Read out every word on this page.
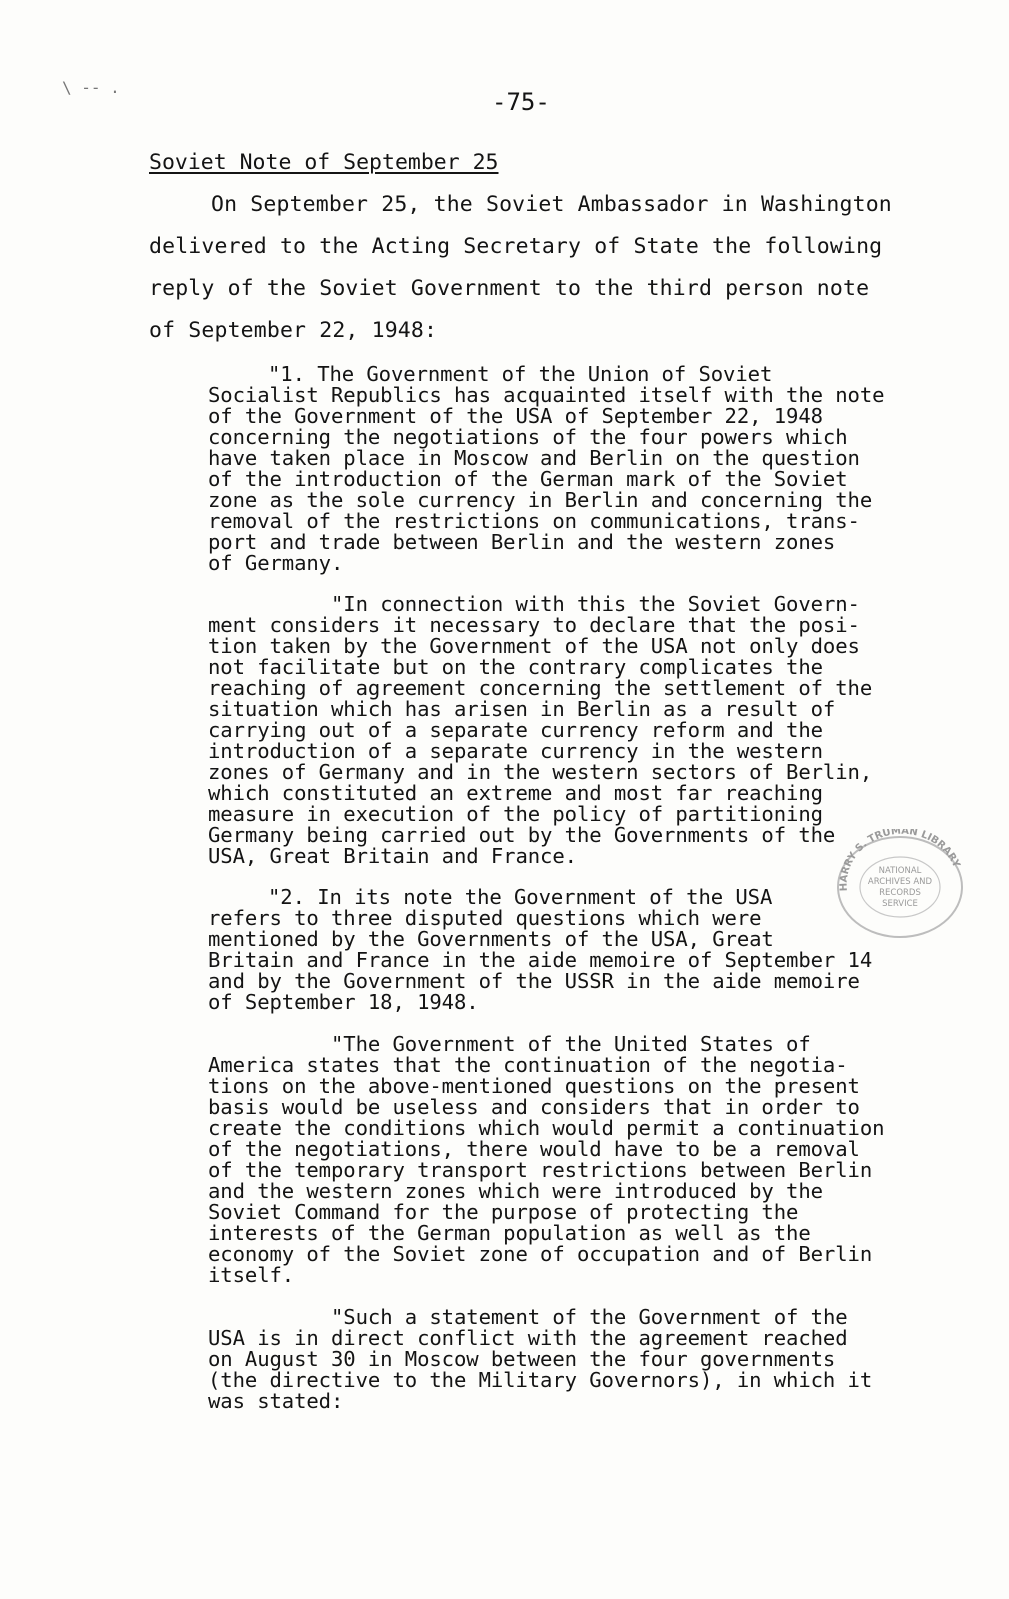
\ -- .
-75-
Soviet Note of September 25
On September 25, the Soviet Ambassador in Washington
delivered to the Acting Secretary of State the following
reply of the Soviet Government to the third person note
of September 22, 1948:
"1. The Government of the Union of Soviet
Socialist Republics has acquainted itself with the note
of the Government of the USA of September 22, 1948
concerning the negotiations of the four powers which
have taken place in Moscow and Berlin on the question
of the introduction of the German mark of the Soviet
zone as the sole currency in Berlin and concerning the
removal of the restrictions on communications, trans-
port and trade between Berlin and the western zones
of Germany.
"In connection with this the Soviet Govern-
ment considers it necessary to declare that the posi-
tion taken by the Government of the USA not only does
not facilitate but on the contrary complicates the
reaching of agreement concerning the settlement of the
situation which has arisen in Berlin as a result of
carrying out of a separate currency reform and the
introduction of a separate currency in the western
zones of Germany and in the western sectors of Berlin,
which constituted an extreme and most far reaching
measure in execution of the policy of partitioning
Germany being carried out by the Governments of the
USA, Great Britain and France.
"2. In its note the Government of the USA
refers to three disputed questions which were
mentioned by the Governments of the USA, Great
Britain and France in the aide memoire of September 14
and by the Government of the USSR in the aide memoire
of September 18, 1948.
"The Government of the United States of
America states that the continuation of the negotia-
tions on the above-mentioned questions on the present
basis would be useless and considers that in order to
create the conditions which would permit a continuation
of the negotiations, there would have to be a removal
of the temporary transport restrictions between Berlin
and the western zones which were introduced by the
Soviet Command for the purpose of protecting the
interests of the German population as well as the
economy of the Soviet zone of occupation and of Berlin
itself.
"Such a statement of the Government of the
USA is in direct conflict with the agreement reached
on August 30 in Moscow between the four governments
(the directive to the Military Governors), in which it
was stated:
HARRY S. TRUMAN LIBRARY
NATIONAL
ARCHIVES AND
RECORDS
SERVICE
